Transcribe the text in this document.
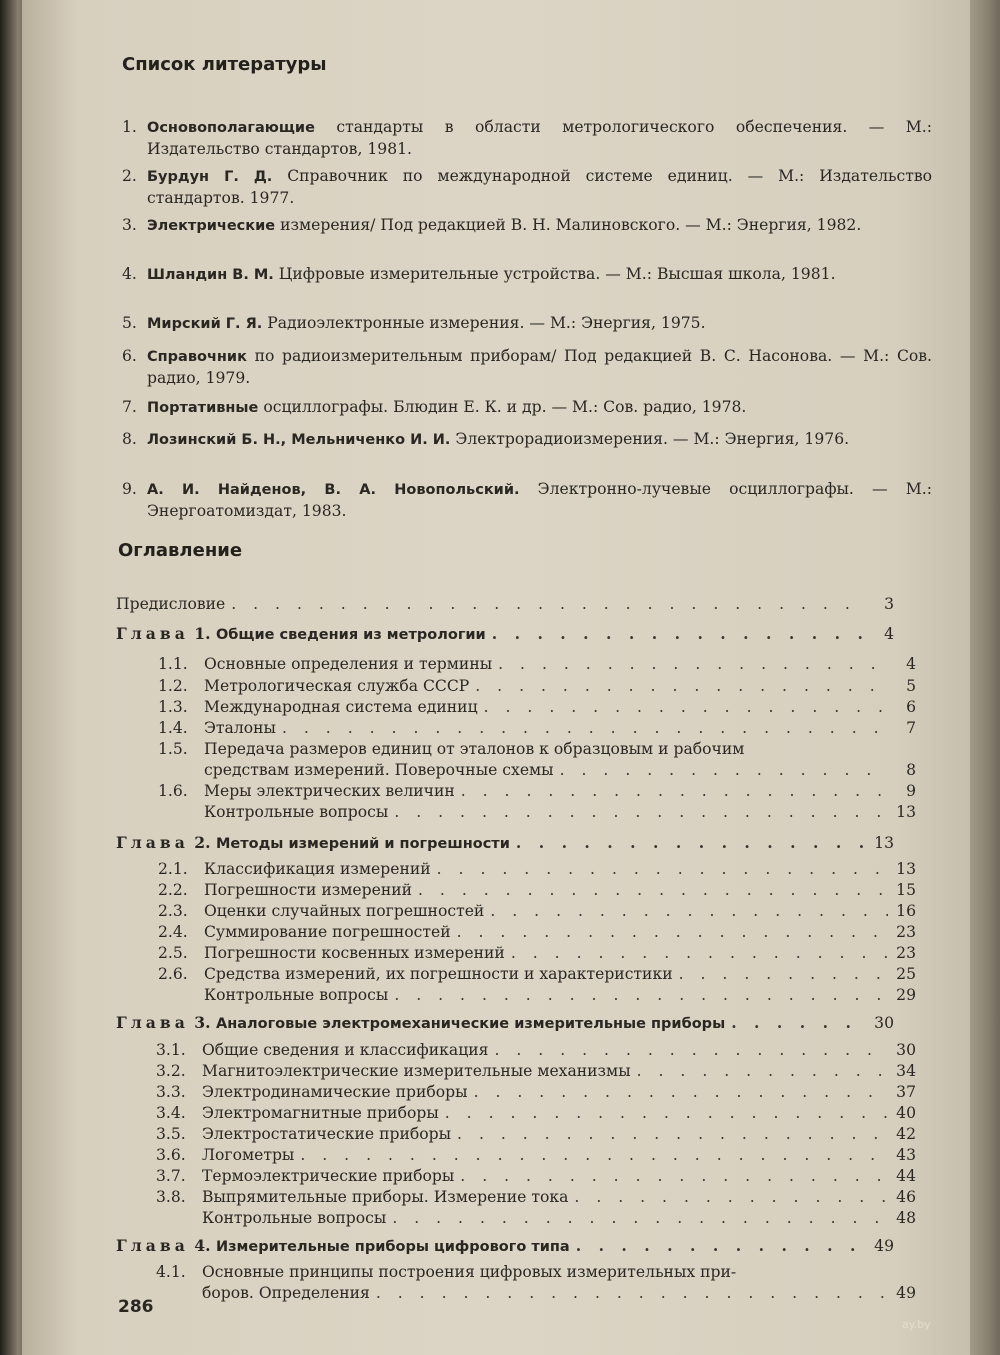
Список литературы
1. Основополагающие стандарты в области метрологического обеспечения. — М.: Издательство стандартов, 1981.
2. Бурдун Г. Д. Справочник по международной системе единиц. — М.: Издательство стандартов. 1977.
3. Электрические измерения/ Под редакцией В. Н. Малиновского. — М.: Энергия, 1982.
4. Шландин В. М. Цифровые измерительные устройства. — М.: Высшая школа, 1981.
5. Мирский Г. Я. Радиоэлектронные измерения. — М.: Энергия, 1975.
6. Справочник по радиоизмерительным приборам/ Под редакцией В. С. Насонова. — М.: Сов. радио, 1979.
7. Портативные осциллографы. Блюдин Е. К. и др. — М.: Сов. радио, 1978.
8. Лозинский Б. Н., Мельниченко И. И. Электрорадиоизмерения. — М.: Энергия, 1976.
9. А. И. Найденов, В. А. Новопольский. Электронно-лучевые осциллографы. — М.: Энергоатомиздат, 1983.
Оглавление
Предисловие . . .	3
Глава 1. Общие сведения из метрологии . . .	4
1.1.	Основные определения и термины . . .	4
1.2.	Метрологическая служба СССР . . .	5
1.3.	Международная система единиц . . .	6
1.4.	Эталоны . . .	7
1.5. Передача размеров единиц от эталонов к образцовым и рабочим
средствам измерений. Поверочные схемы . . .	8
1.6.	Меры электрических величин . . .	9
Контрольные вопросы . . .	13
Глава 2. Методы измерений и погрешности . . .	13
2.1.	Классификация измерений . . .	13
2.2.	Погрешности измерений . . .	15
2.3.	Оценки случайных погрешностей . . .	16
2.4.	Суммирование погрешностей . . .	23
2.5.	Погрешности косвенных измерений . . .	23
2.6.	Средства измерений, их погрешности и характеристики . . .	25
Контрольные вопросы . . .	29
Глава 3. Аналоговые электромеханические измерительные приборы . . .	30
3.1.	Общие сведения и классификация . . .	30
3.2.	Магнитоэлектрические измерительные механизмы . . .	34
3.3.	Электродинамические приборы . . .	37
3.4.	Электромагнитные приборы . . .	40
3.5.	Электростатические приборы . . .	42
3.6.	Логометры . . .	43
3.7.	Термоэлектрические приборы . . .	44
3.8.	Выпрямительные приборы. Измерение тока . . .	46
Контрольные вопросы . . .	48
Глава 4. Измерительные приборы цифрового типа . . .	49
4.1. Основные принципы построения цифровых измерительных при-
боров. Определения . . .	49
286
ay.by
